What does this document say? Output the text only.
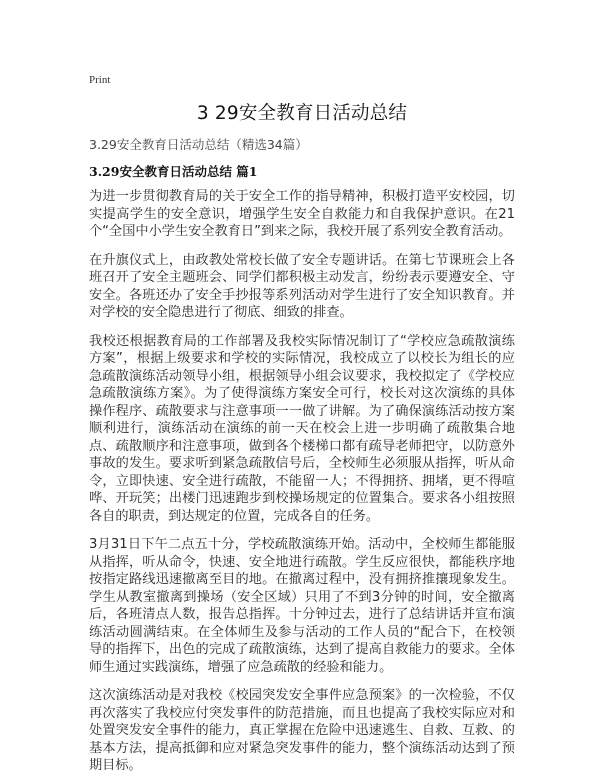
Print
3 29安全教育日活动总结
3.29安全教育日活动总结（精选34篇）
3.29安全教育日活动总结 篇1

为进一步贯彻教育局的关于安全工作的指导精神，积极打造平安校园，切实提高学生的安全意识，增强学生安全自救能力和自我保护意识。在21个“全国中小学生安全教育日”到来之际，我校开展了系列安全教育活动。

在升旗仪式上，由政教处常校长做了安全专题讲话。在第七节课班会上各班召开了安全主题班会、同学们都积极主动发言，纷纷表示要遵安全、守安全。各班还办了安全手抄报等系列活动对学生进行了安全知识教育。并对学校的安全隐患进行了彻底、细致的排查。

我校还根据教育局的工作部署及我校实际情况制订了“学校应急疏散演练方案”，根据上级要求和学校的实际情况，我校成立了以校长为组长的应急疏散演练活动领导小组，根据领导小组会议要求，我校拟定了《学校应急疏散演练方案》。为了使得演练方案安全可行，校长对这次演练的具体操作程序、疏散要求与注意事项一一做了讲解。为了确保演练活动按方案顺利进行，演练活动在演练的前一天在校会上进一步明确了疏散集合地点、疏散顺序和注意事项，做到各个楼梯口都有疏导老师把守，以防意外事故的发生。要求听到紧急疏散信号后，全校师生必须服从指挥，听从命令，立即快速、安全进行疏散，不能留一人；不得拥挤、拥堵，更不得喧哗、开玩笑；出楼门迅速跑步到校操场规定的位置集合。要求各小组按照各自的职责，到达规定的位置，完成各自的任务。

3月31日下午二点五十分，学校疏散演练开始。活动中，全校师生都能服从指挥，听从命令，快速、安全地进行疏散。学生反应很快，都能秩序地按指定路线迅速撤离至目的地。在撤离过程中，没有拥挤推攘现象发生。学生从教室撤离到操场（安全区域）只用了不到3分钟的时间，安全撤离后，各班清点人数，报告总指挥。十分钟过去，进行了总结讲话并宣布演练活动圆满结束。在全体师生及参与活动的工作人员的“配合下，在校领导的指挥下，出色的完成了疏散演练，达到了提高自救能力的要求。全体师生通过实践演练，增强了应急疏散的经验和能力。

这次演练活动是对我校《校园突发安全事件应急预案》的一次检验，不仅再次落实了我校应付突发事件的防范措施，而且也提高了我校实际应对和处置突发安全事件的能力，真正掌握在危险中迅速逃生、自救、互救、的基本方法，提高抵御和应对紧急突发事件的能力，整个演练活动达到了预期目标。
